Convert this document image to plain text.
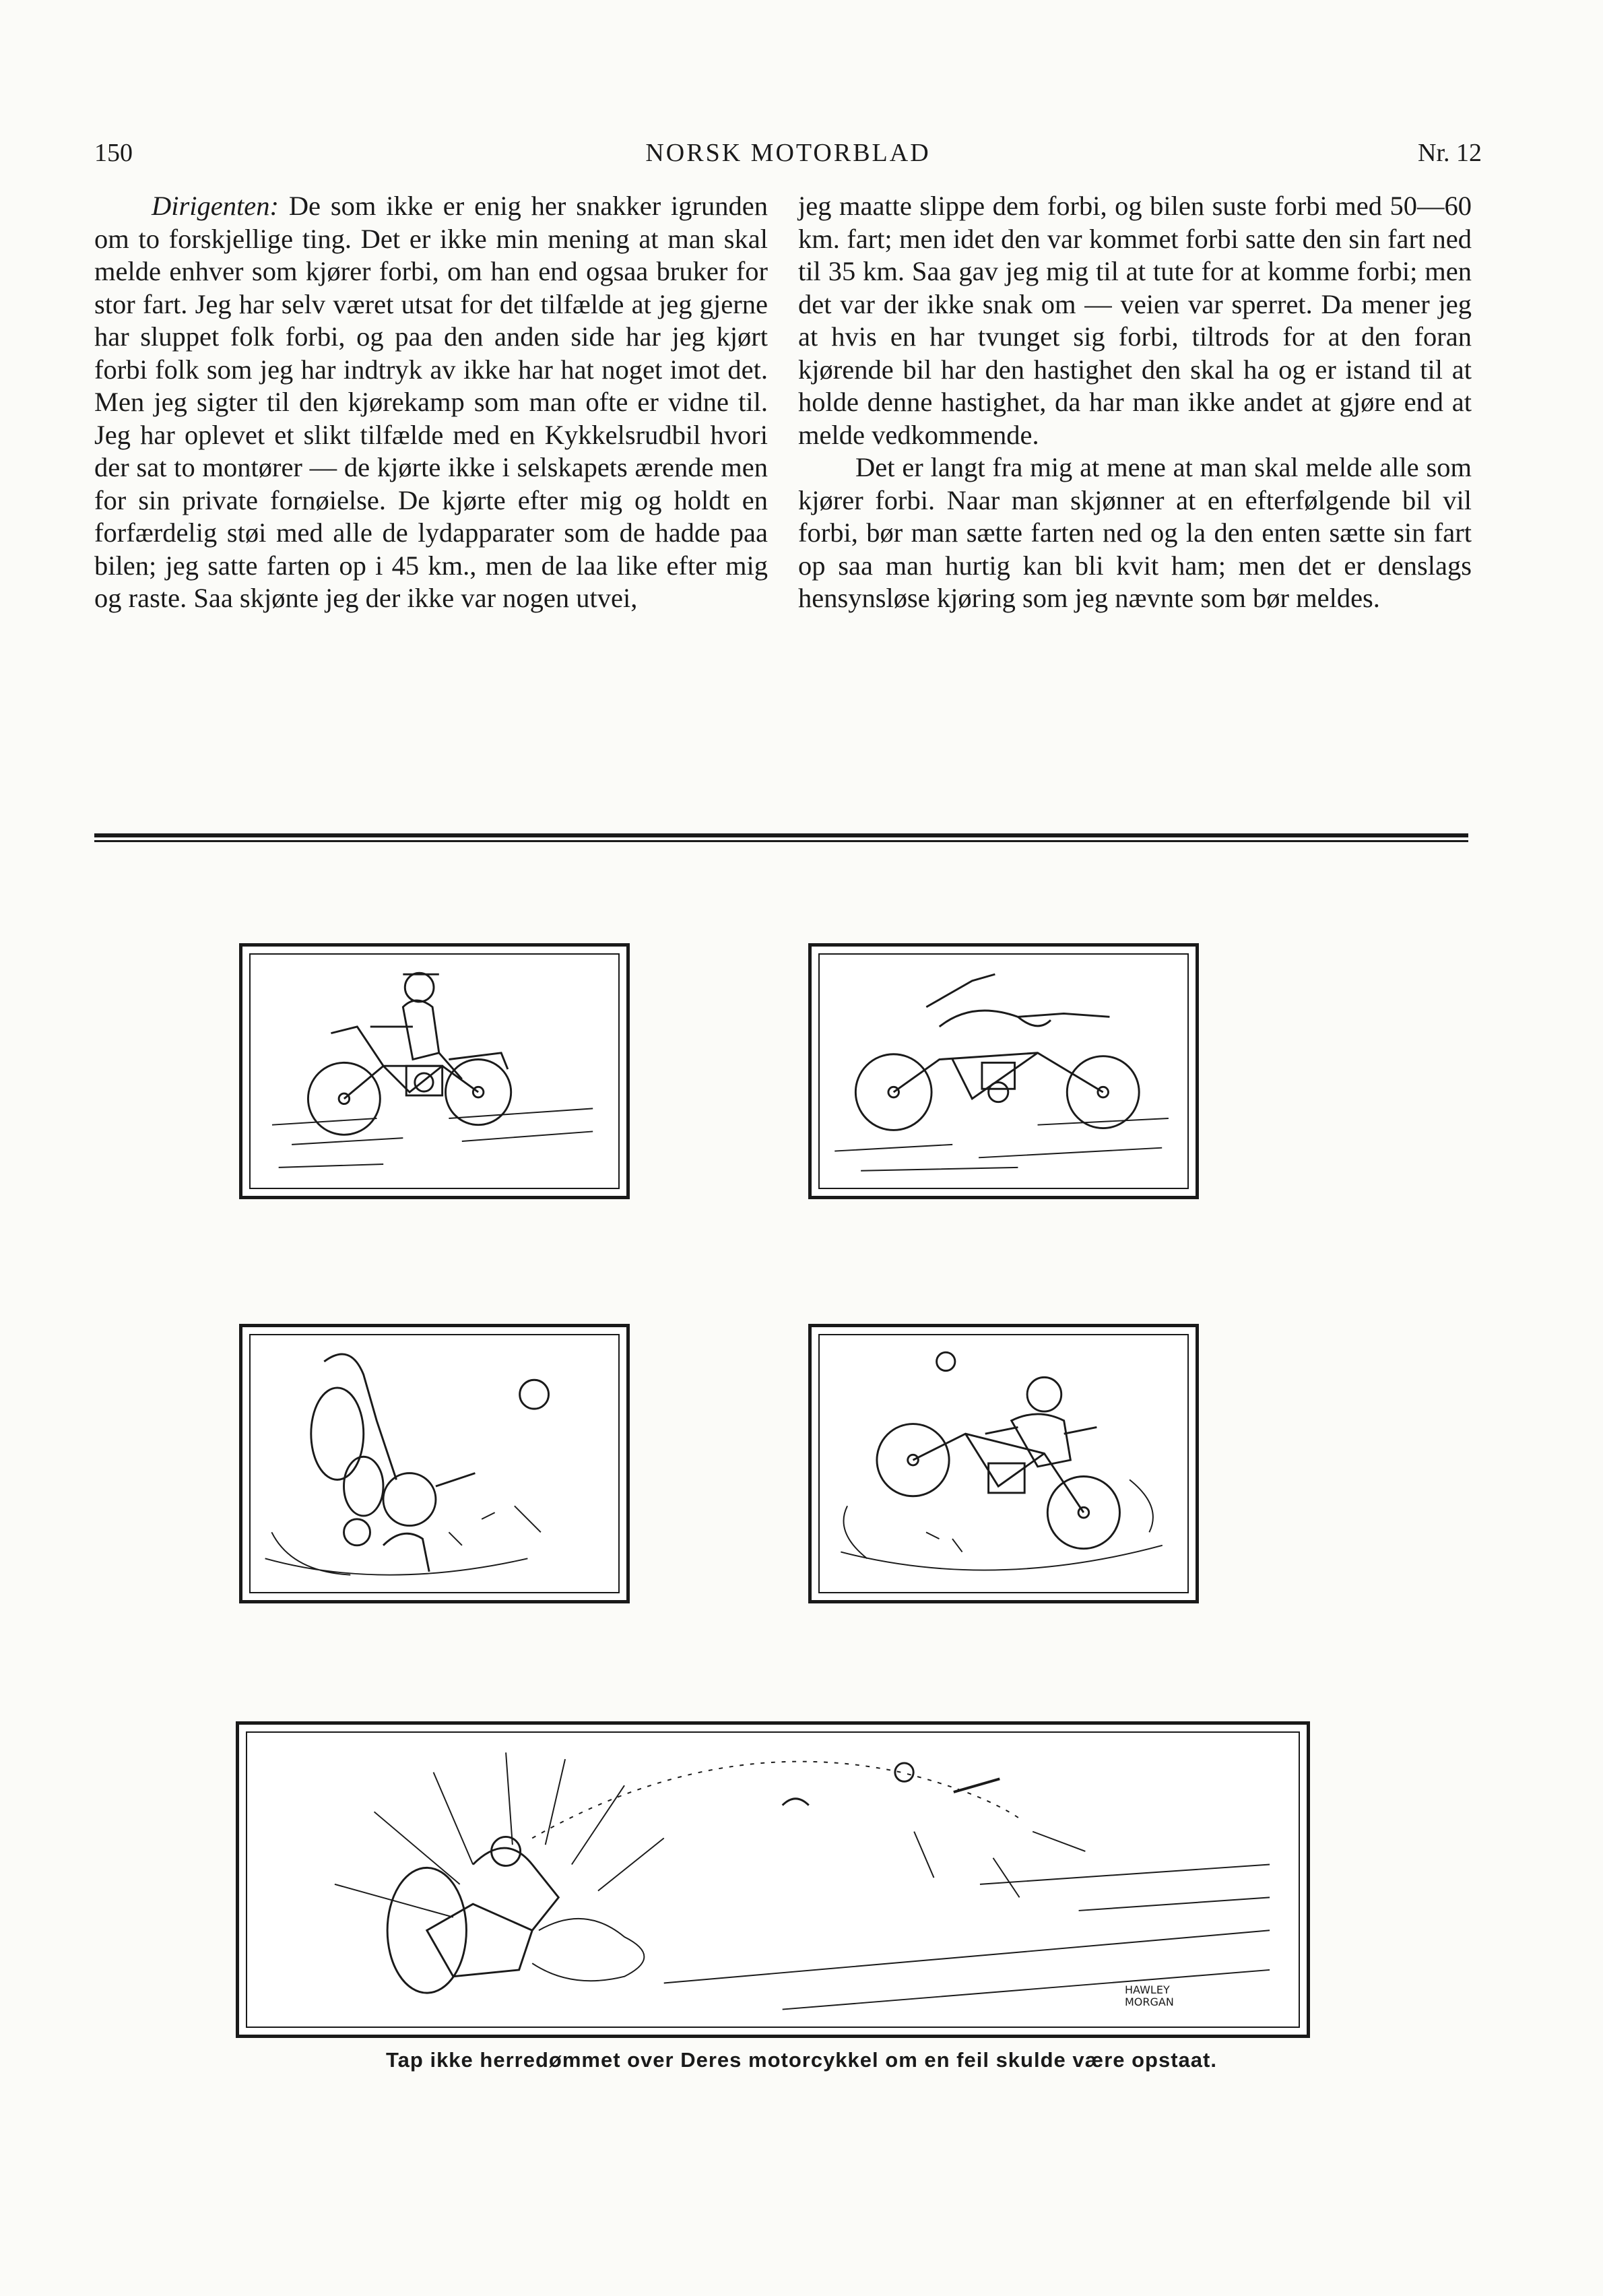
150	NORSK MOTORBLAD	Nr. 12

Dirigenten: De som ikke er enig her snakker igrunden om to forskjellige ting. Det er ikke min mening at man skal melde enhver som kjører forbi, om han end ogsaa bruker for stor fart. Jeg har selv været utsat for det tilfælde at jeg gjerne har sluppet folk forbi, og paa den anden side har jeg kjørt forbi folk som jeg har indtryk av ikke har hat noget imot det. Men jeg sigter til den kjørekamp som man ofte er vidne til. Jeg har oplevet et slikt tilfælde med en Kykkelsrudbil hvori der sat to montører — de kjørte ikke i selskapets ærende men for sin private fornøielse. De kjørte efter mig og holdt en forfærdelig støi med alle de lydapparater som de hadde paa bilen; jeg satte farten op i 45 km., men de laa like efter mig og raste. Saa skjønte jeg der ikke var nogen utvei,

jeg maatte slippe dem forbi, og bilen suste forbi med 50—60 km. fart; men idet den var kommet forbi satte den sin fart ned til 35 km. Saa gav jeg mig til at tute for at komme forbi; men det var der ikke snak om — veien var sperret. Da mener jeg at hvis en har tvunget sig forbi, tiltrods for at den foran kjørende bil har den hastighet den skal ha og er istand til at holde denne hastighet, da har man ikke andet at gjøre end at melde vedkommende.

Det er langt fra mig at mene at man skal melde alle som kjører forbi. Naar man skjønner at en efterfølgende bil vil forbi, bør man sætte farten ned og la den enten sætte sin fart op saa man hurtig kan bli kvit ham; men det er denslags hensynsløse kjøring som jeg nævnte som bør meldes.

HAWLEY
MORGAN
Tap ikke herredømmet over Deres motorcykkel om en feil skulde være opstaat.
